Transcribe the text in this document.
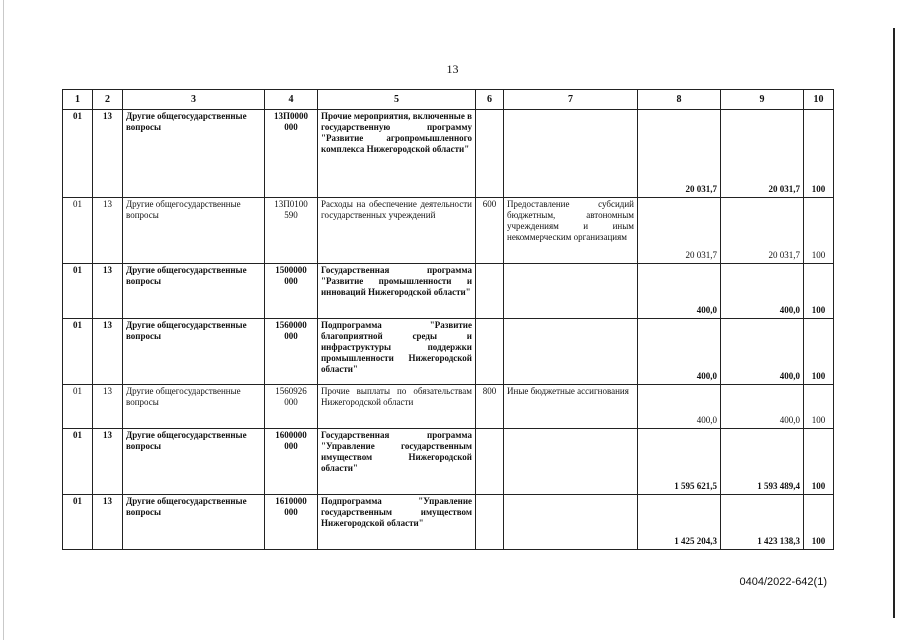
13
1	2	3	4	5	6	7	8	9	10
01	13	Другие общегосударственные вопросы	13П0000 000	Прочие мероприятия, включенные в государственную программу "Развитие агропромышленного комплекса Нижегородской области"			20 031,7	20 031,7	100
01	13	Другие общегосударственные вопросы	13П0100 590	Расходы на обеспечение деятельности государственных учреждений	600	Предоставление субсидий бюджетным, автономным учреждениям и иным некоммерческим организациям	20 031,7	20 031,7	100
01	13	Другие общегосударственные вопросы	1500000 000	Государственная программа "Развитие промышленности и инноваций Нижегородской области"			400,0	400,0	100
01	13	Другие общегосударственные вопросы	1560000 000	Подпрограмма "Развитие благоприятной среды и инфраструктуры поддержки промышленности Нижегородской области"			400,0	400,0	100
01	13	Другие общегосударственные вопросы	1560926 000	Прочие выплаты по обязательствам Нижегородской области	800	Иные бюджетные ассигнования	400,0	400,0	100
01	13	Другие общегосударственные вопросы	1600000 000	Государственная программа "Управление государственным имуществом Нижегородской области"			1 595 621,5	1 593 489,4	100
01	13	Другие общегосударственные вопросы	1610000 000	Подпрограмма "Управление государственным имуществом Нижегородской области"			1 425 204,3	1 423 138,3	100
0404/2022-642(1)
